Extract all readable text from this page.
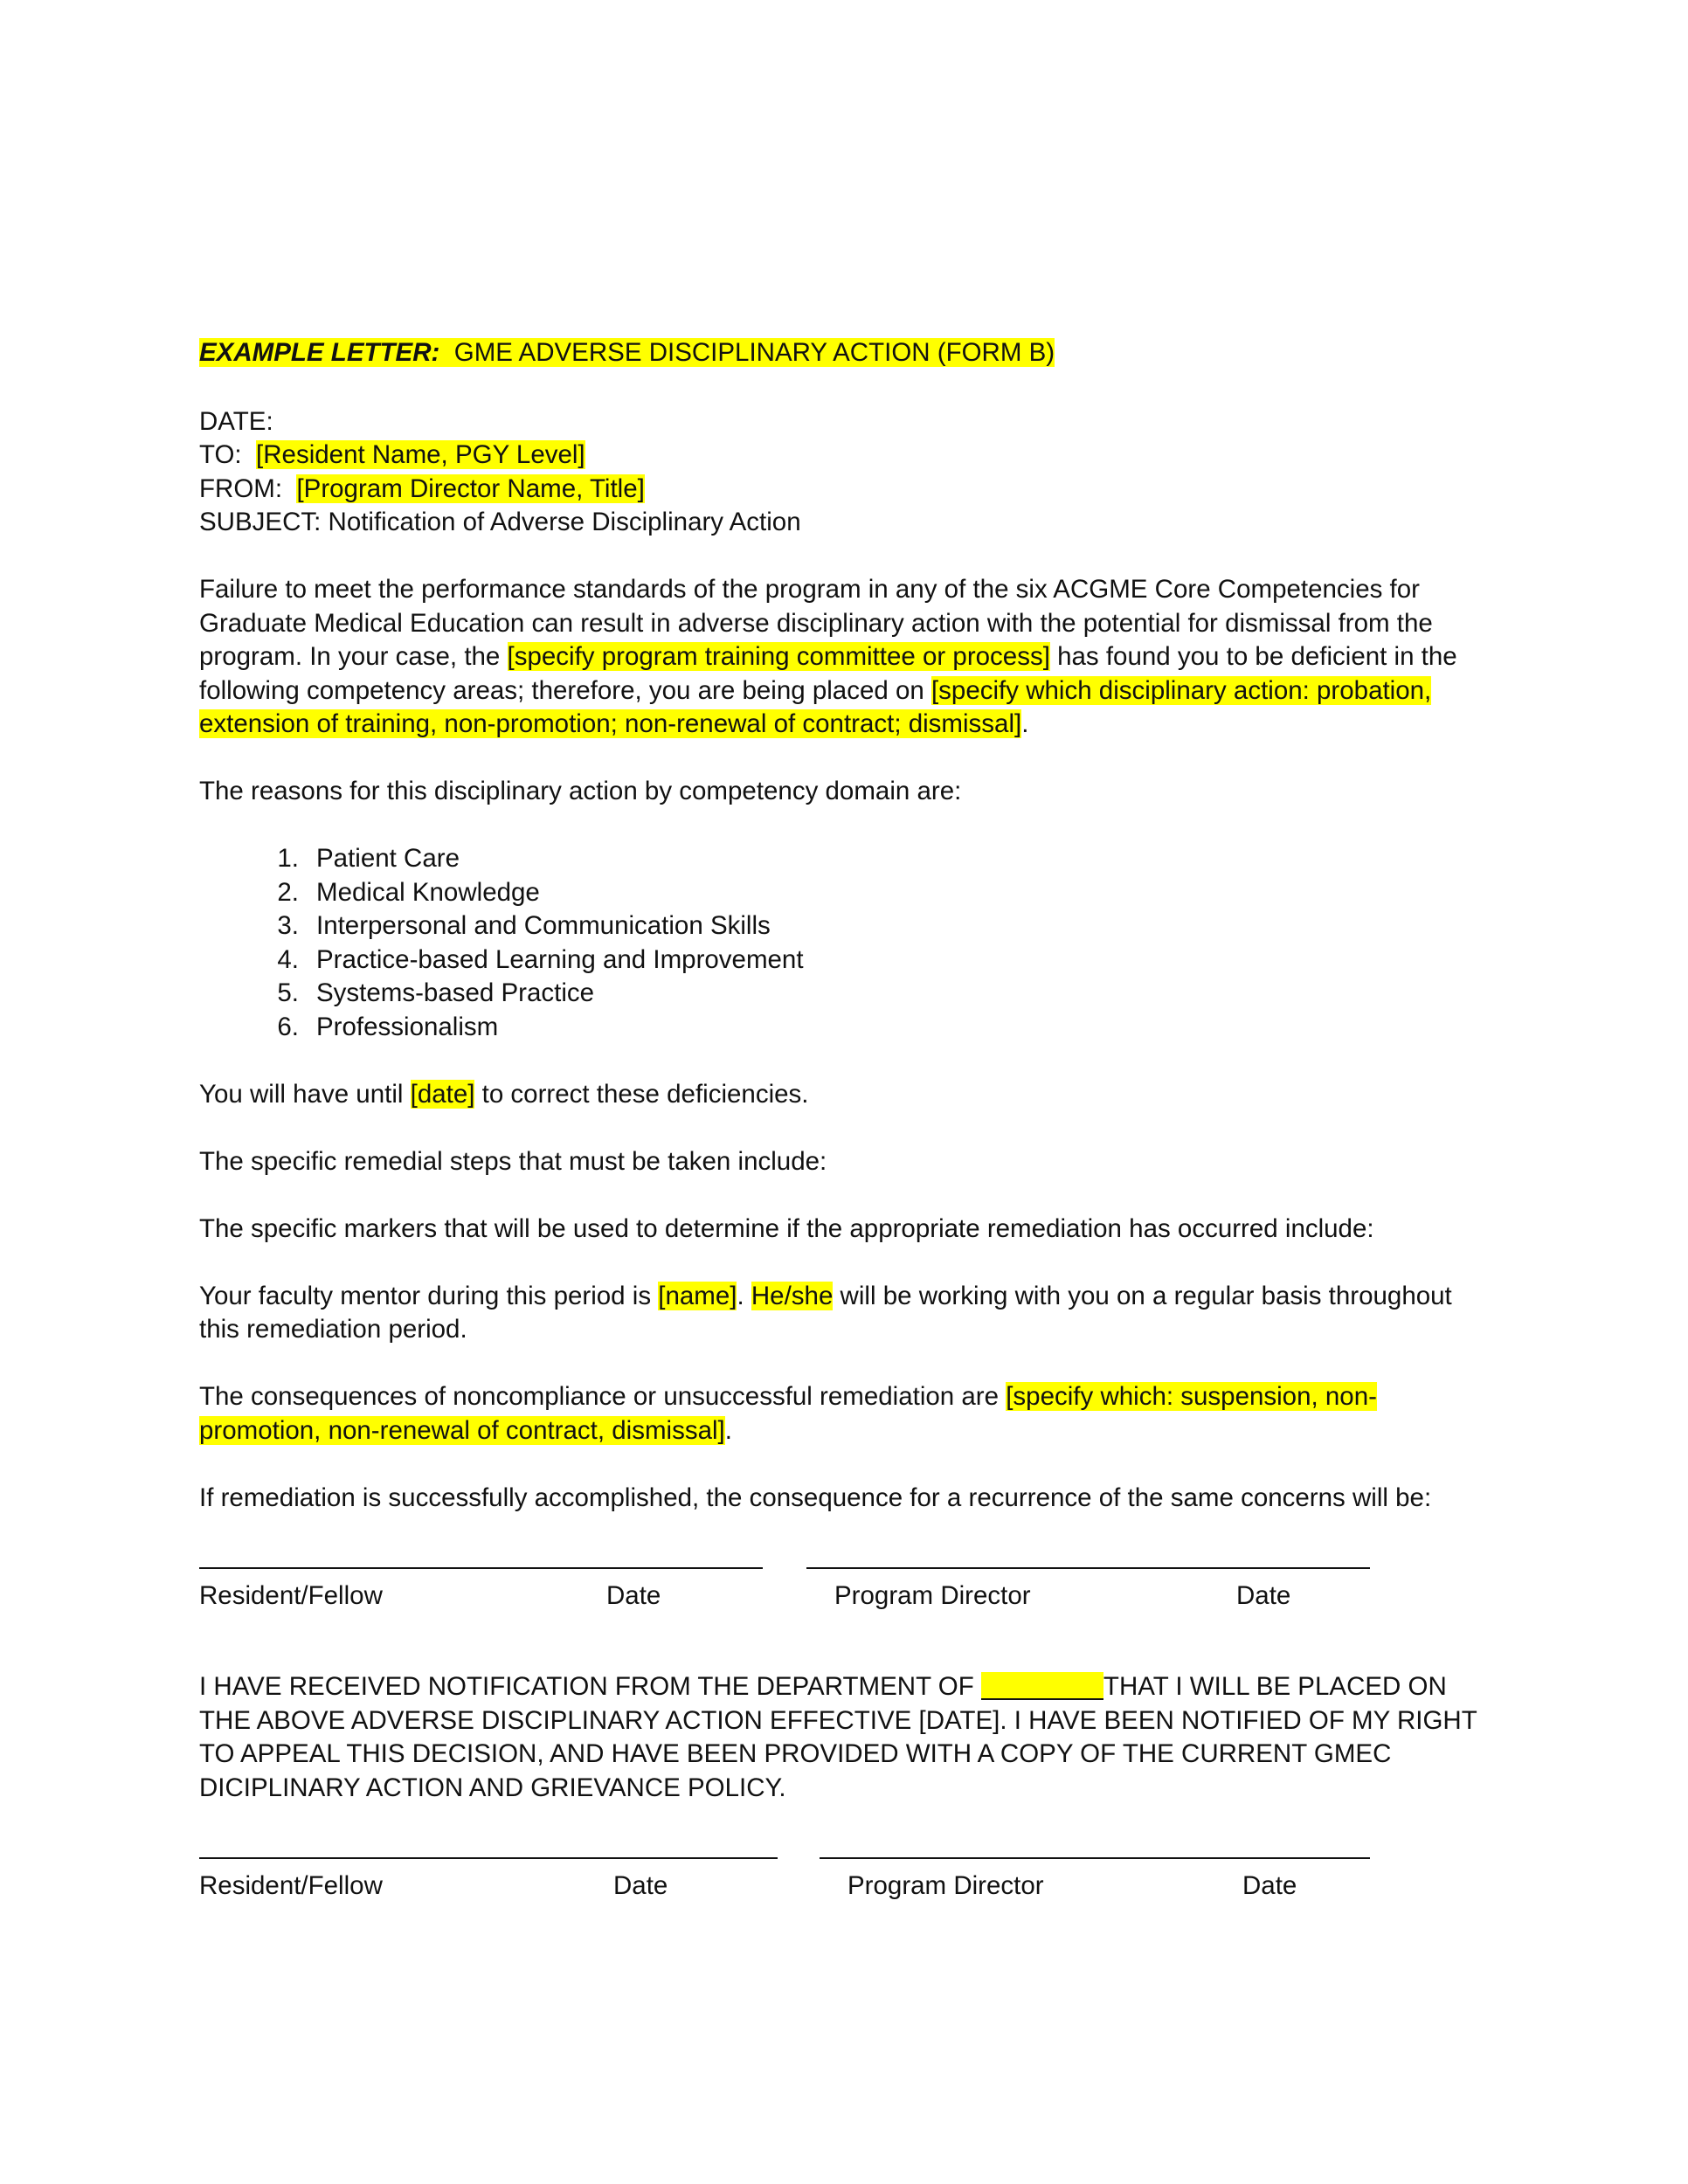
EXAMPLE LETTER: GME ADVERSE DISCIPLINARY ACTION (FORM B)

DATE:

TO: [Resident Name, PGY Level]

FROM: [Program Director Name, Title]

SUBJECT: Notification of Adverse Disciplinary Action

Failure to meet the performance standards of the program in any of the six ACGME Core Competencies for Graduate Medical Education can result in adverse disciplinary action with the potential for dismissal from the program. In your case, the [specify program training committee or process] has found you to be deficient in the following competency areas; therefore, you are being placed on [specify which disciplinary action: probation, extension of training, non-promotion; non-renewal of contract; dismissal].

The reasons for this disciplinary action by competency domain are:

1. Patient Care
2. Medical Knowledge
3. Interpersonal and Communication Skills
4. Practice-based Learning and Improvement
5. Systems-based Practice
6. Professionalism

You will have until [date] to correct these deficiencies.

The specific remedial steps that must be taken include:

The specific markers that will be used to determine if the appropriate remediation has occurred include:

Your faculty mentor during this period is [name]. He/she will be working with you on a regular basis throughout this remediation period.

The consequences of noncompliance or unsuccessful remediation are [specify which: suspension, non-promotion, non-renewal of contract, dismissal].

If remediation is successfully accomplished, the consequence for a recurrence of the same concerns will be:

Resident/Fellow	Date	Program Director	Date

I HAVE RECEIVED NOTIFICATION FROM THE DEPARTMENT OF	THAT I WILL BE PLACED ON THE ABOVE ADVERSE DISCIPLINARY ACTION EFFECTIVE [DATE]. I HAVE BEEN NOTIFIED OF MY RIGHT TO APPEAL THIS DECISION, AND HAVE BEEN PROVIDED WITH A COPY OF THE CURRENT GMEC DICIPLINARY ACTION AND GRIEVANCE POLICY.

Resident/Fellow	Date	Program Director	Date
